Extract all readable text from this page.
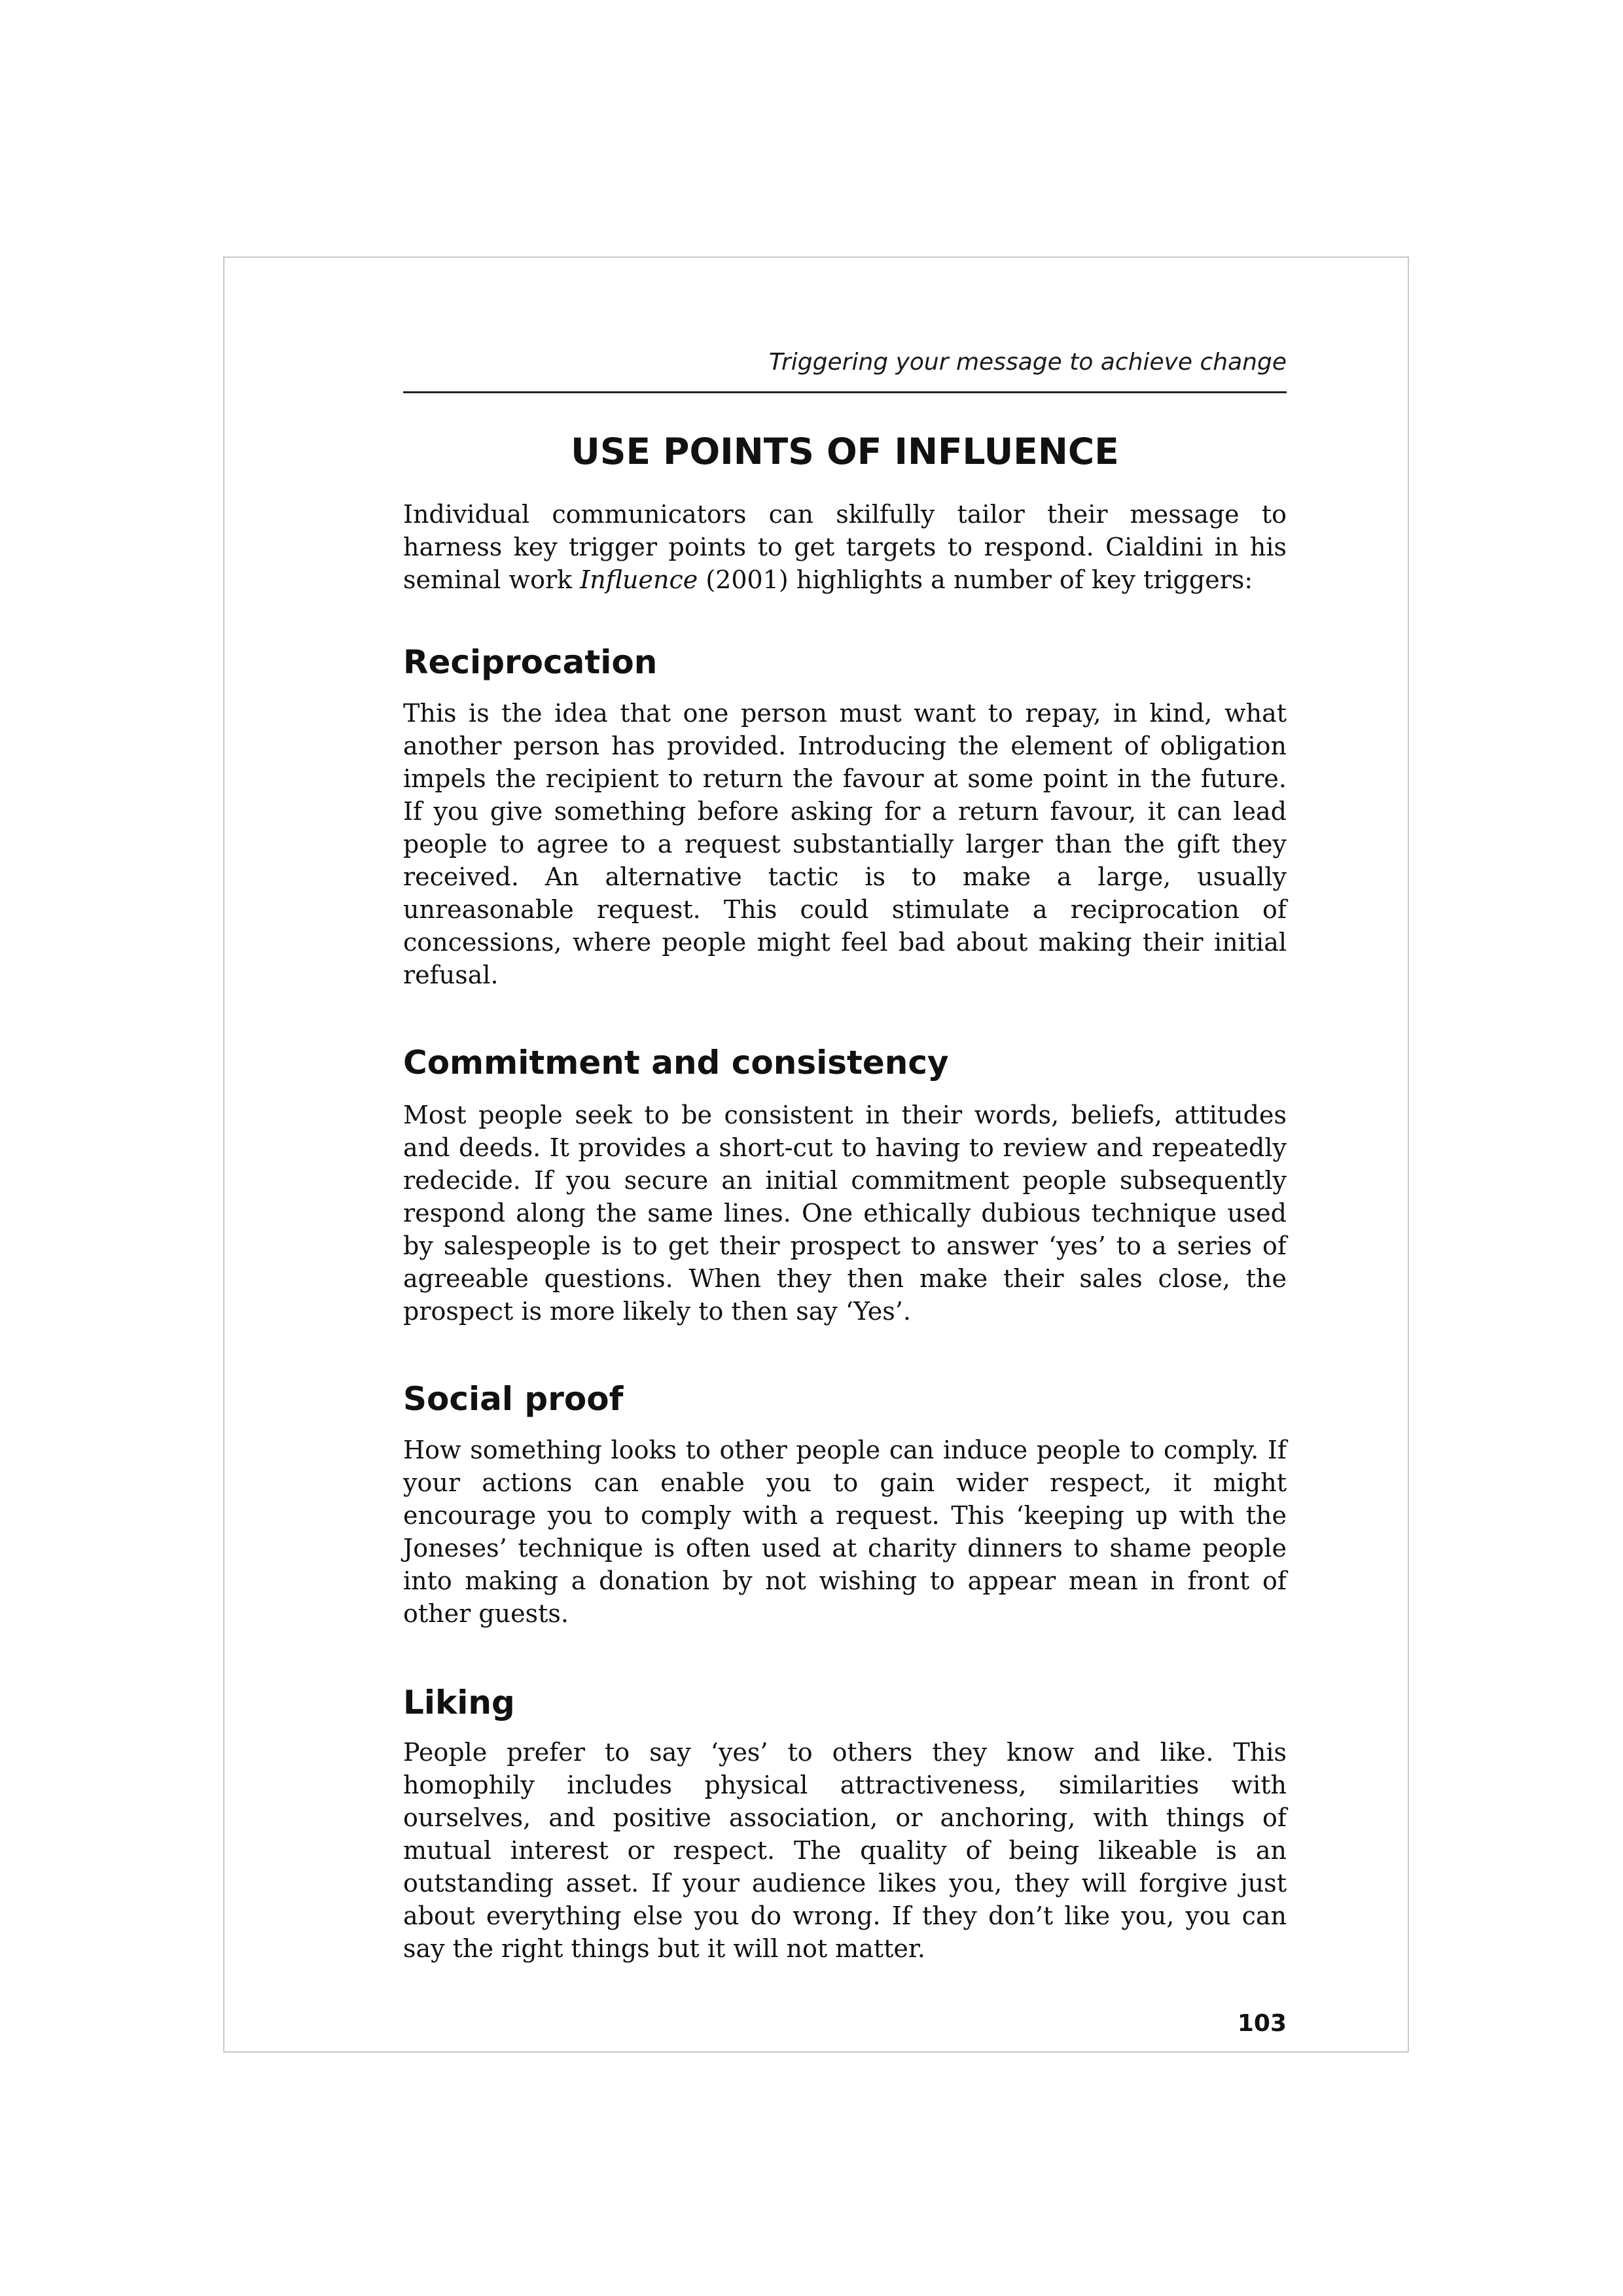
Triggering your message to achieve change
USE POINTS OF INFLUENCE

Individual communicators can skilfully tailor their message to harness key trigger points to get targets to respond. Cialdini in his seminal work Influence (2001) highlights a number of key triggers:

Reciprocation

This is the idea that one person must want to repay, in kind, what another person has provided. Introducing the element of obligation impels the recipient to return the favour at some point in the future. If you give something before asking for a return favour, it can lead people to agree to a request substantially larger than the gift they received. An alternative tactic is to make a large, usually unreasonable request. This could stimulate a reciprocation of concessions, where people might feel bad about making their initial refusal.

Commitment and consistency

Most people seek to be consistent in their words, beliefs, attitudes and deeds. It provides a short-cut to having to review and repeatedly redecide. If you secure an initial commitment people subsequently respond along the same lines. One ethically dubious technique used by salespeople is to get their prospect to answer ‘yes’ to a series of agreeable questions. When they then make their sales close, the prospect is more likely to then say ‘Yes’.

Social proof

How something looks to other people can induce people to comply. If your actions can enable you to gain wider respect, it might encourage you to comply with a request. This ‘keeping up with the Joneses’ technique is often used at charity dinners to shame people into making a donation by not wishing to appear mean in front of other guests.

Liking

People prefer to say ‘yes’ to others they know and like. This homophily includes physical attractiveness, similarities with ourselves, and positive association, or anchoring, with things of mutual interest or respect. The quality of being likeable is an outstanding asset. If your audience likes you, they will forgive just about everything else you do wrong. If they don’t like you, you can say the right things but it will not matter.

103
